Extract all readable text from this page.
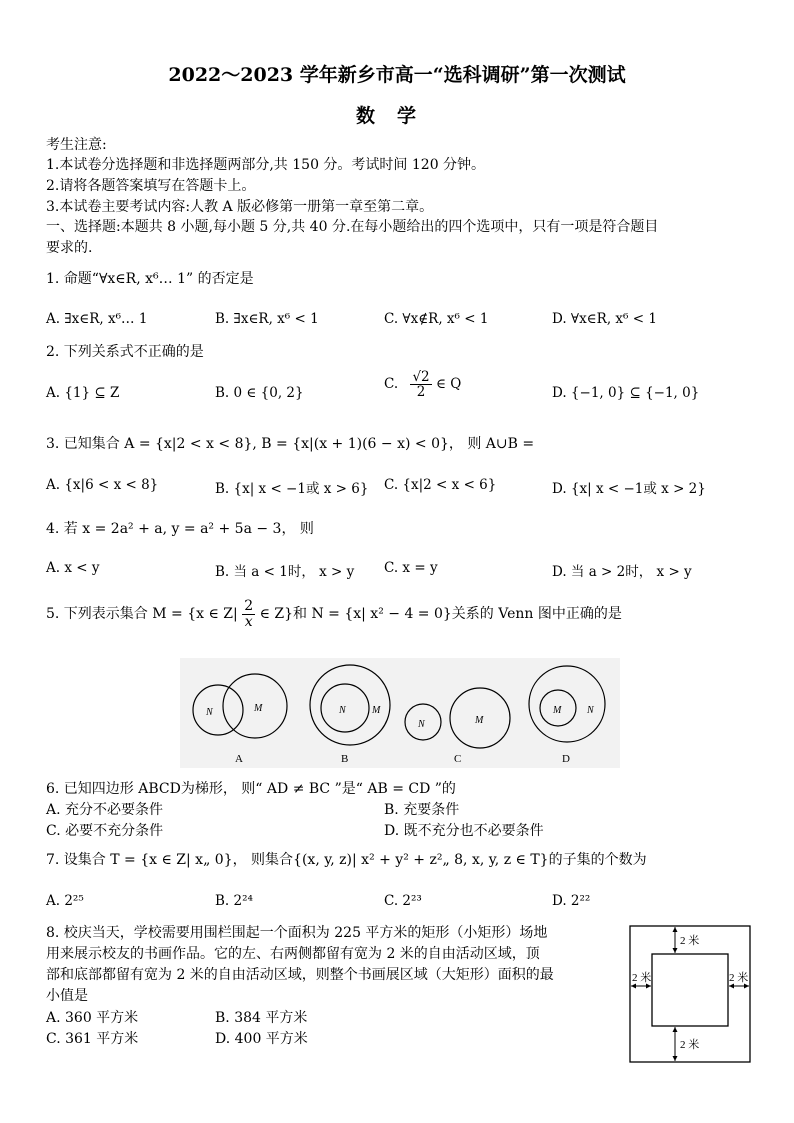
2022～2023 学年新乡市高一“选科调研”第一次测试
数学
考生注意:
1.本试卷分选择题和非选择题两部分,共 150 分。考试时间 120 分钟。
2.请将各题答案填写在答题卡上。
3.本试卷主要考试内容:人教 A 版必修第一册第一章至第二章。
一、选择题:本题共 8 小题,每小题 5 分,共 40 分.在每小题给出的四个选项中，只有一项是符合题目
要求的.
1. 命题“∀x∈R, x⁶… 1” 的否定是
A. ∃x∈R, x⁶… 1	B. ∃x∈R, x⁶ < 1	C. ∀x∉R, x⁶ < 1	D. ∀x∈R, x⁶ < 1
2. 下列关系式不正确的是
A. {1} ⊆ Z	B. 0 ∈ {0, 2}
C. $\frac{√2}{2}$ ∈ Q
D. {−1, 0} ⊆ {−1, 0}
3. 已知集合 A = {x|2 < x < 8}, B = {x|(x + 1)(6 − x) < 0}， 则 A∪B =
A. {x|6 < x < 8}	B. {x| x < −1或 x > 6} C. {x|2 < x < 6}	D. {x| x < −1或 x > 2}
4. 若 x = 2a² + a, y = a² + 5a − 3， 则
A. x < y	B. 当 a < 1时， x > y C. x = y	D. 当 a > 2时， x > y
5. 下列表示集合 M = {x ∈ $Z| \frac{2}{x}$ ∈ Z}和 N = {x| x² − 4 = 0}关系的 Venn 图中正确的是
N	M
A
N	M
B
N	M
C
M	N
D
6. 已知四边形 ABCD为梯形， 则“ AD ≠ BC ”是“ AB = CD ”的
A. 充分不必要条件	B. 充要条件
C. 必要不充分条件	D. 既不充分也不必要条件
7. 设集合 T = {x ∈ Z| x„ 0}， 则集合{(x, y, z)| x² + y² + z²„ 8, x, y, z ∈ T}的子集的个数为
A. 2²⁵	B. 2²⁴	C. 2²³	D. 2²²
8. 校庆当天，学校需要用围栏围起一个面积为 225 平方米的矩形（小矩形）场地
用来展示校友的书画作品。它的左、右两侧都留有宽为 2 米的自由活动区域，顶
部和底部都留有宽为 2 米的自由活动区域，则整个书画展区域（大矩形）面积的最
小值是
A. 360 平方米	B. 384 平方米
C. 361 平方米	D. 400 平方米
2 米
2 米	2 米
2 米
